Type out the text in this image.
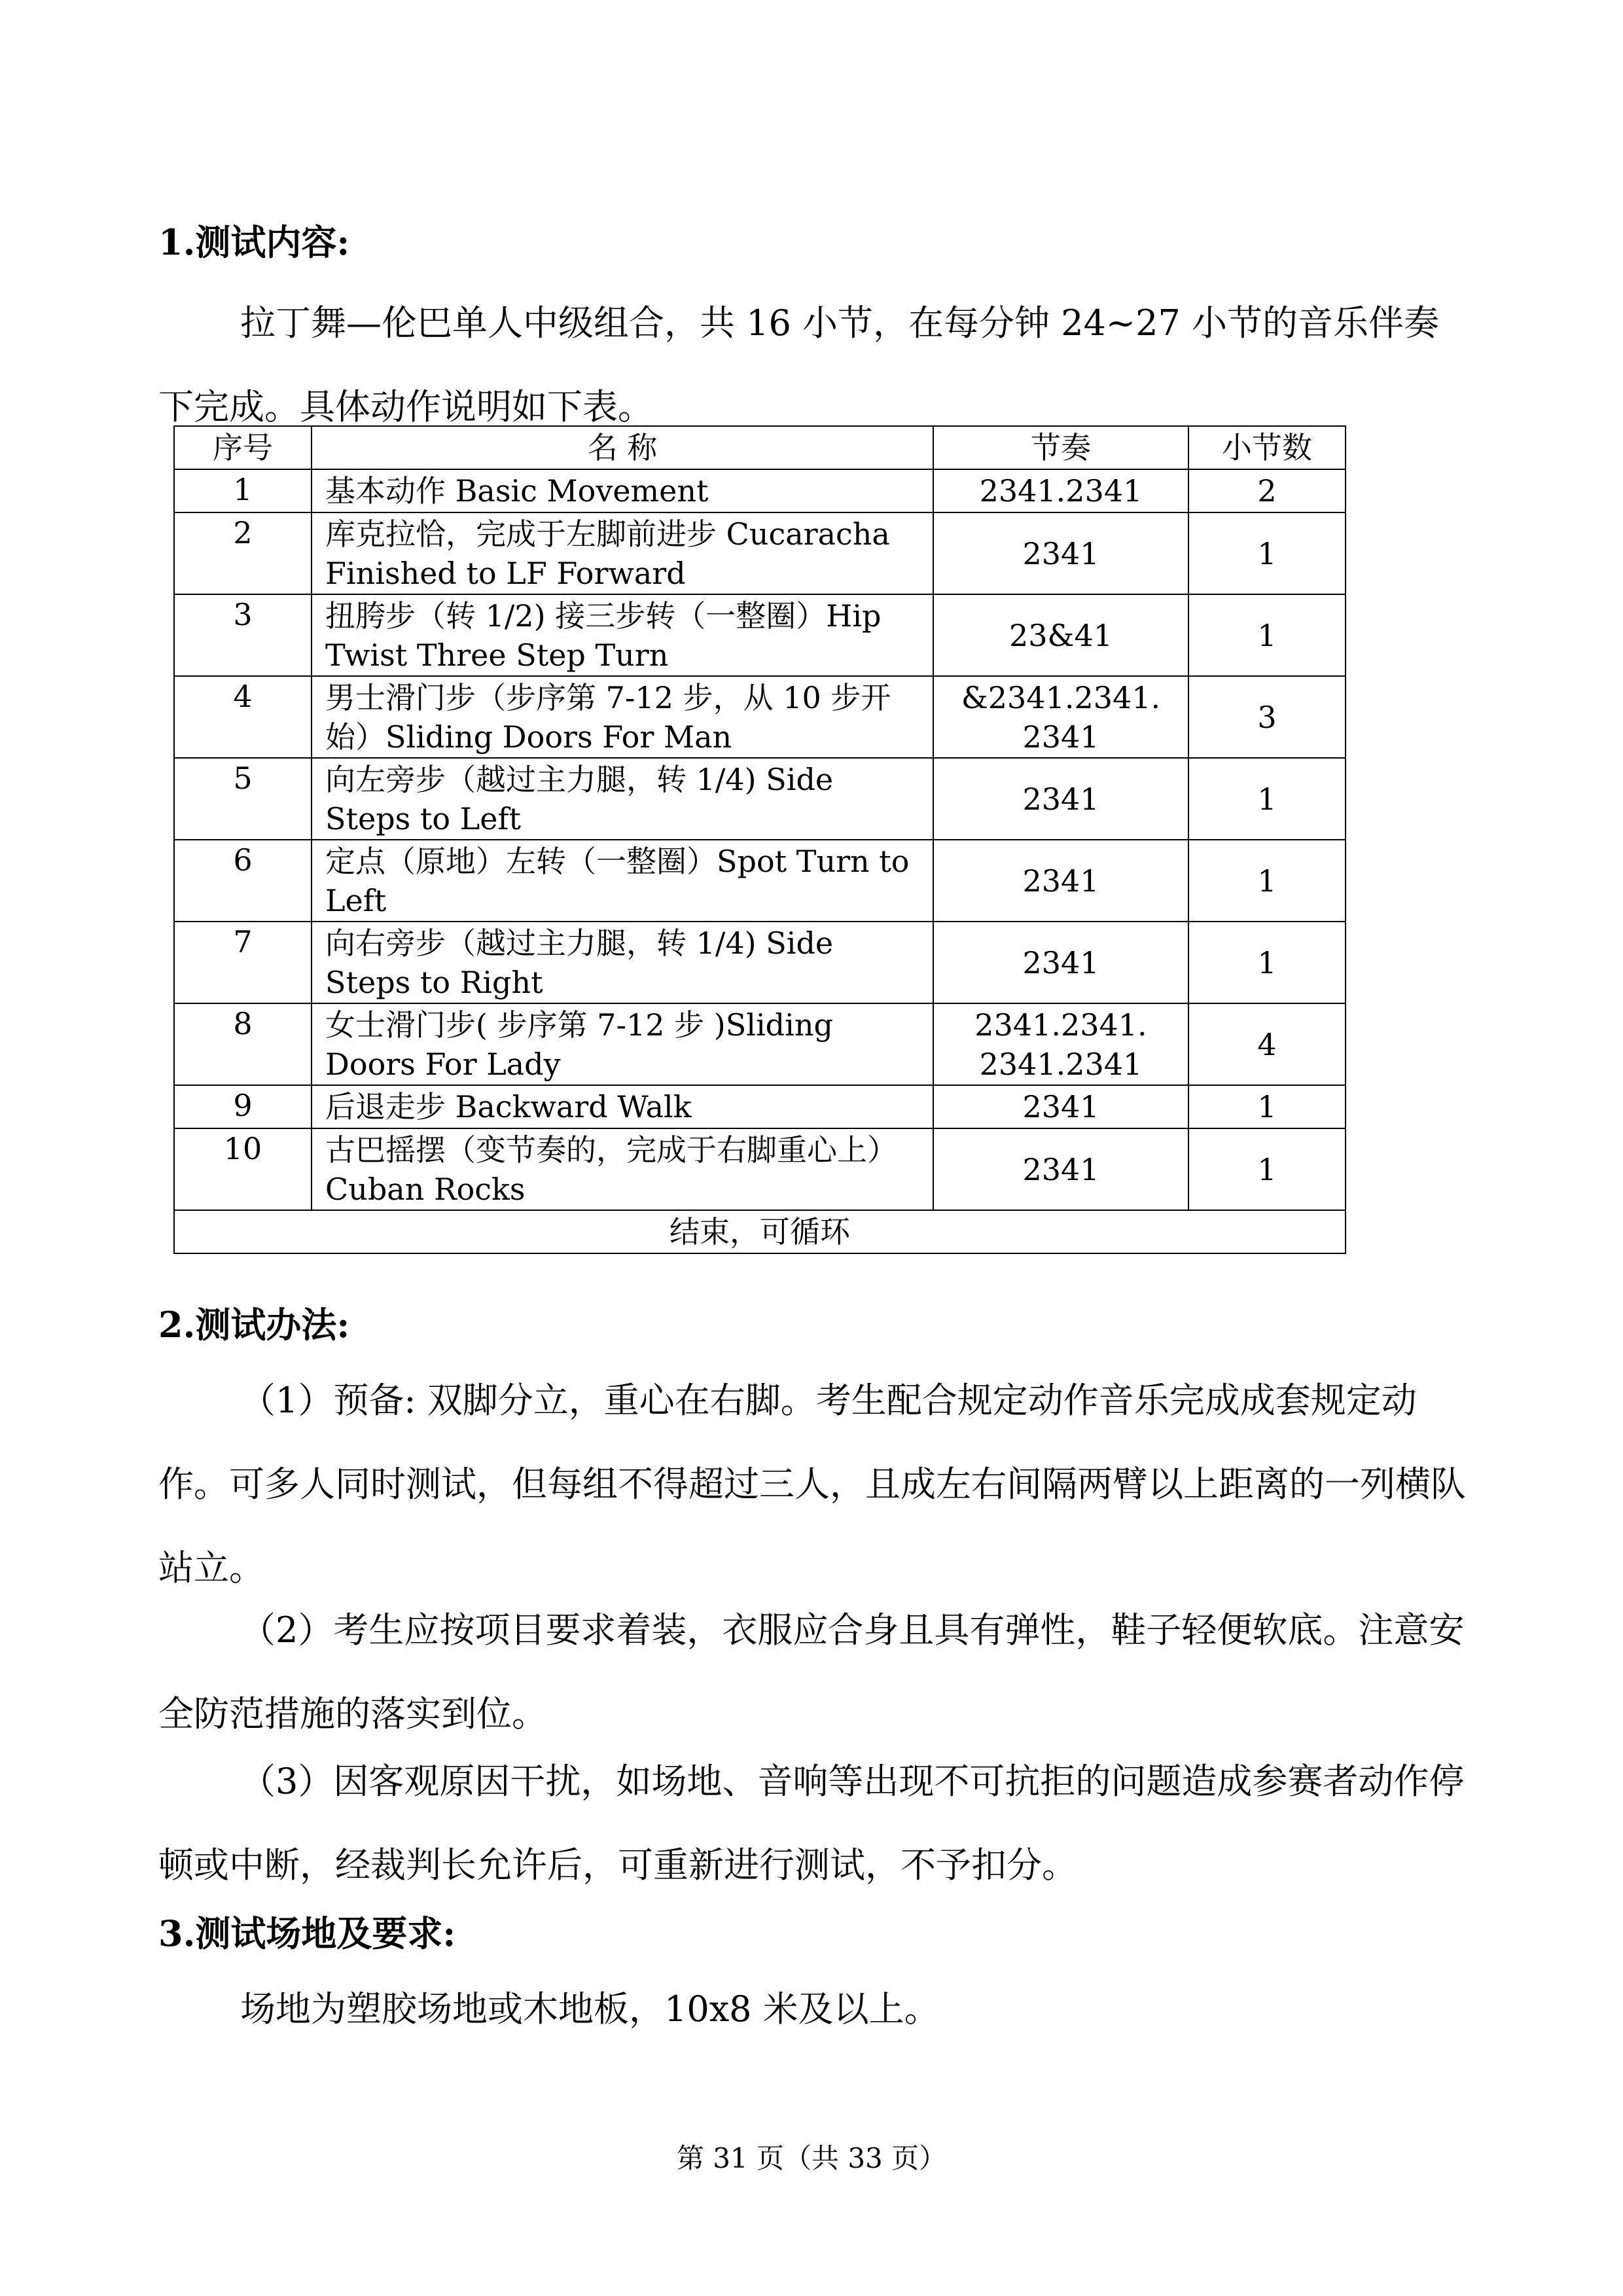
1.测试内容:

拉丁舞—伦巴单人中级组合，共 16 小节，在每分钟 24~27 小节的音乐伴奏下完成。具体动作说明如下表。

序号	名 称	节奏	小节数
1	基本动作 Basic Movement	2341.2341	2
2	库克拉恰，完成于左脚前进步 Cucaracha Finished to LF Forward	2341	1
3	扭胯步（转 1/2) 接三步转（一整圈）Hip Twist Three Step Turn	23&41	1
4	男士滑门步（步序第 7-12 步，从 10 步开始）Sliding Doors For Man	&2341.2341. 2341	3
5	向左旁步（越过主力腿，转 1/4) Side Steps to Left	2341	1
6	定点（原地）左转（一整圈）Spot Turn to Left	2341	1
7	向右旁步（越过主力腿，转 1/4) Side Steps to Right	2341	1
8	女士滑门步( 步序第 7-12 步 )Sliding Doors For Lady	2341.2341. 2341.2341	4
9	后退走步 Backward Walk	2341	1
10	古巴摇摆（变节奏的，完成于右脚重心上）Cuban Rocks	2341	1
结束，可循环			

2.测试办法:

（1）预备: 双脚分立，重心在右脚。考生配合规定动作音乐完成成套规定动作。可多人同时测试，但每组不得超过三人，且成左右间隔两臂以上距离的一列横队站立。

（2）考生应按项目要求着装，衣服应合身且具有弹性，鞋子轻便软底。注意安全防范措施的落实到位。

（3）因客观原因干扰，如场地、音响等出现不可抗拒的问题造成参赛者动作停顿或中断，经裁判长允许后，可重新进行测试，不予扣分。

3.测试场地及要求:

场地为塑胶场地或木地板，10x8 米及以上。

第 31 页（共 33 页）
